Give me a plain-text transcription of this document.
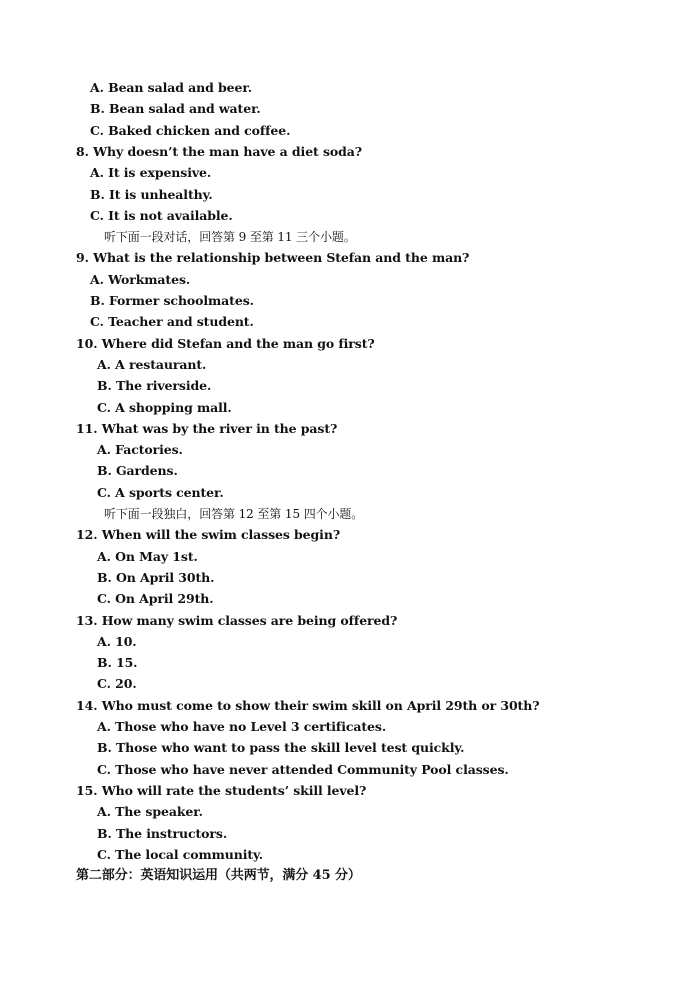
A. Bean salad and beer.
B. Bean salad and water.
C. Baked chicken and coffee.
8. Why doesn’t the man have a diet soda?
A. It is expensive.
B. It is unhealthy.
C. It is not available.
听下面一段对话，回答第 9 至第 11 三个小题。
9. What is the relationship between Stefan and the man?
A. Workmates.
B. Former schoolmates.
C. Teacher and student.
10. Where did Stefan and the man go first?
A. A restaurant.
B. The riverside.
C. A shopping mall.
11. What was by the river in the past?
A. Factories.
B. Gardens.
C. A sports center.
听下面一段独白，回答第 12 至第 15 四个小题。
12. When will the swim classes begin?
A. On May 1st.
B. On April 30th.
C. On April 29th.
13. How many swim classes are being offered?
A. 10.
B. 15.
C. 20.
14. Who must come to show their swim skill on April 29th or 30th?
A. Those who have no Level 3 certificates.
B. Those who want to pass the skill level test quickly.
C. Those who have never attended Community Pool classes.
15. Who will rate the students’ skill level?
A. The speaker.
B. The instructors.
C. The local community.
第二部分：英语知识运用（共两节，满分 45 分）
